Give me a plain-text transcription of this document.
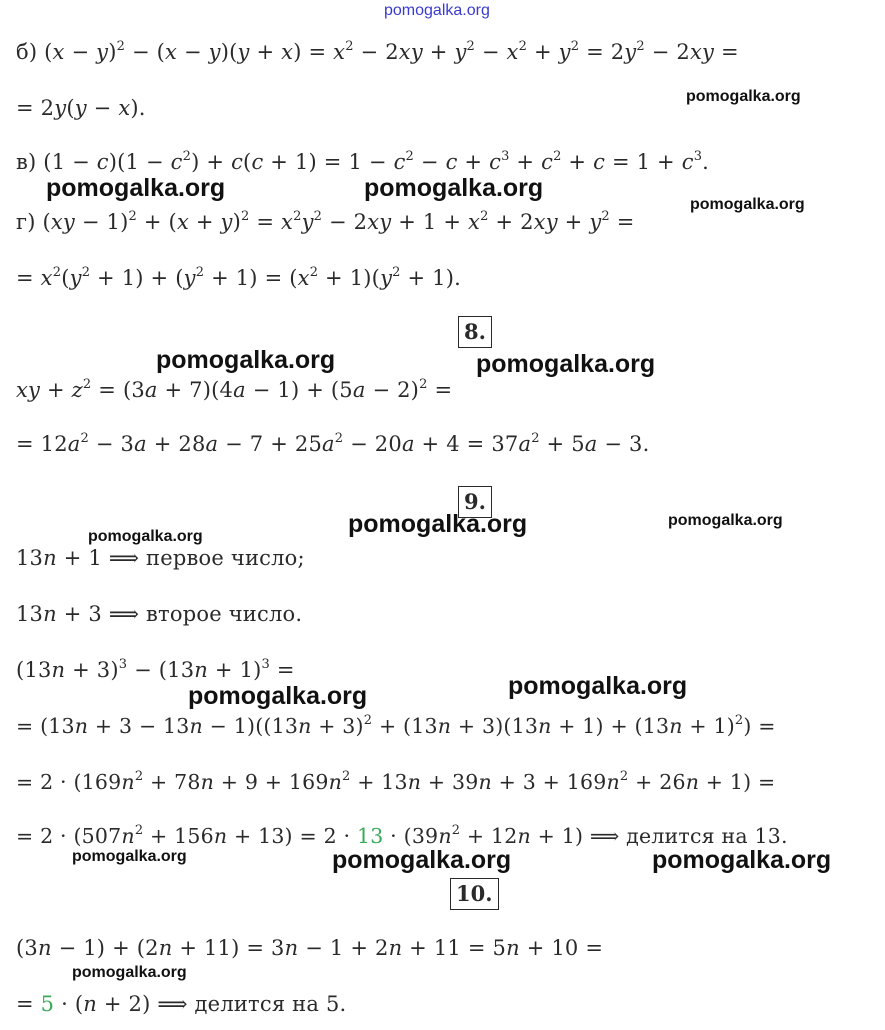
pomogalka.org
б) $(x - y)^2 - (x - y)(y + x) = x^2 - 2xy + y^2 - x^2 + y^2 = 2y^2 - 2xy$ =
= 2y(y − x).
в) $(1 - c)(1 - c^2) + c(c + 1) = 1 - c^2 - c + c^3 + c^2 + c = 1 + c^3$.
г) $(xy - 1)^2 + (x + y)^2 = x^2y^2 - 2xy + 1 + x^2 + 2xy + y^2$ =
= $x^2(y^2 + 1) + (y^2 + 1) = (x^2 + 1)(y^2 + 1)$.
8.
xy + $z^2 = (3a + 7)(4a - 1) + (5a - 2)^2$ =
= $12a^2 - 3a + 28a - 7 + 25a^2 - 20a + 4 = 37a^2 + 5a - 3$.
9.
13n + 1 ⟹ первое число;
13n + 3 ⟹ второе число.
$(13n + 3)^3 - (13n + 1)^3$ =
= $(13n + 3 - 13n - 1)((13n + 3)^2 + (13n + 3)(13n + 1) + (13n + 1)^2)$ =
= $2 \cdot (169n^2 + 78n + 9 + 169n^2 + 13n + 39n + 3 + 169n^2 + 26n + 1)$ =
= $2 \cdot (507n^2 + 156n + 13) = 2 \cdot 13 \cdot (39n^2 + 12n + 1)$ ⟹ делится на 13.
10.
(3n − 1) + (2n + 11) = 3n − 1 + 2n + 11 = 5n + 10 =
= 5 · (n + 2) ⟹ делится на 5.
pomogalka.org
pomogalka.org	pomogalka.org
pomogalka.org
pomogalka.org	pomogalka.org
pomogalka.org	pomogalka.org	pomogalka.org
pomogalka.org	pomogalka.org
pomogalka.org	pomogalka.org	pomogalka.org
pomogalka.org
